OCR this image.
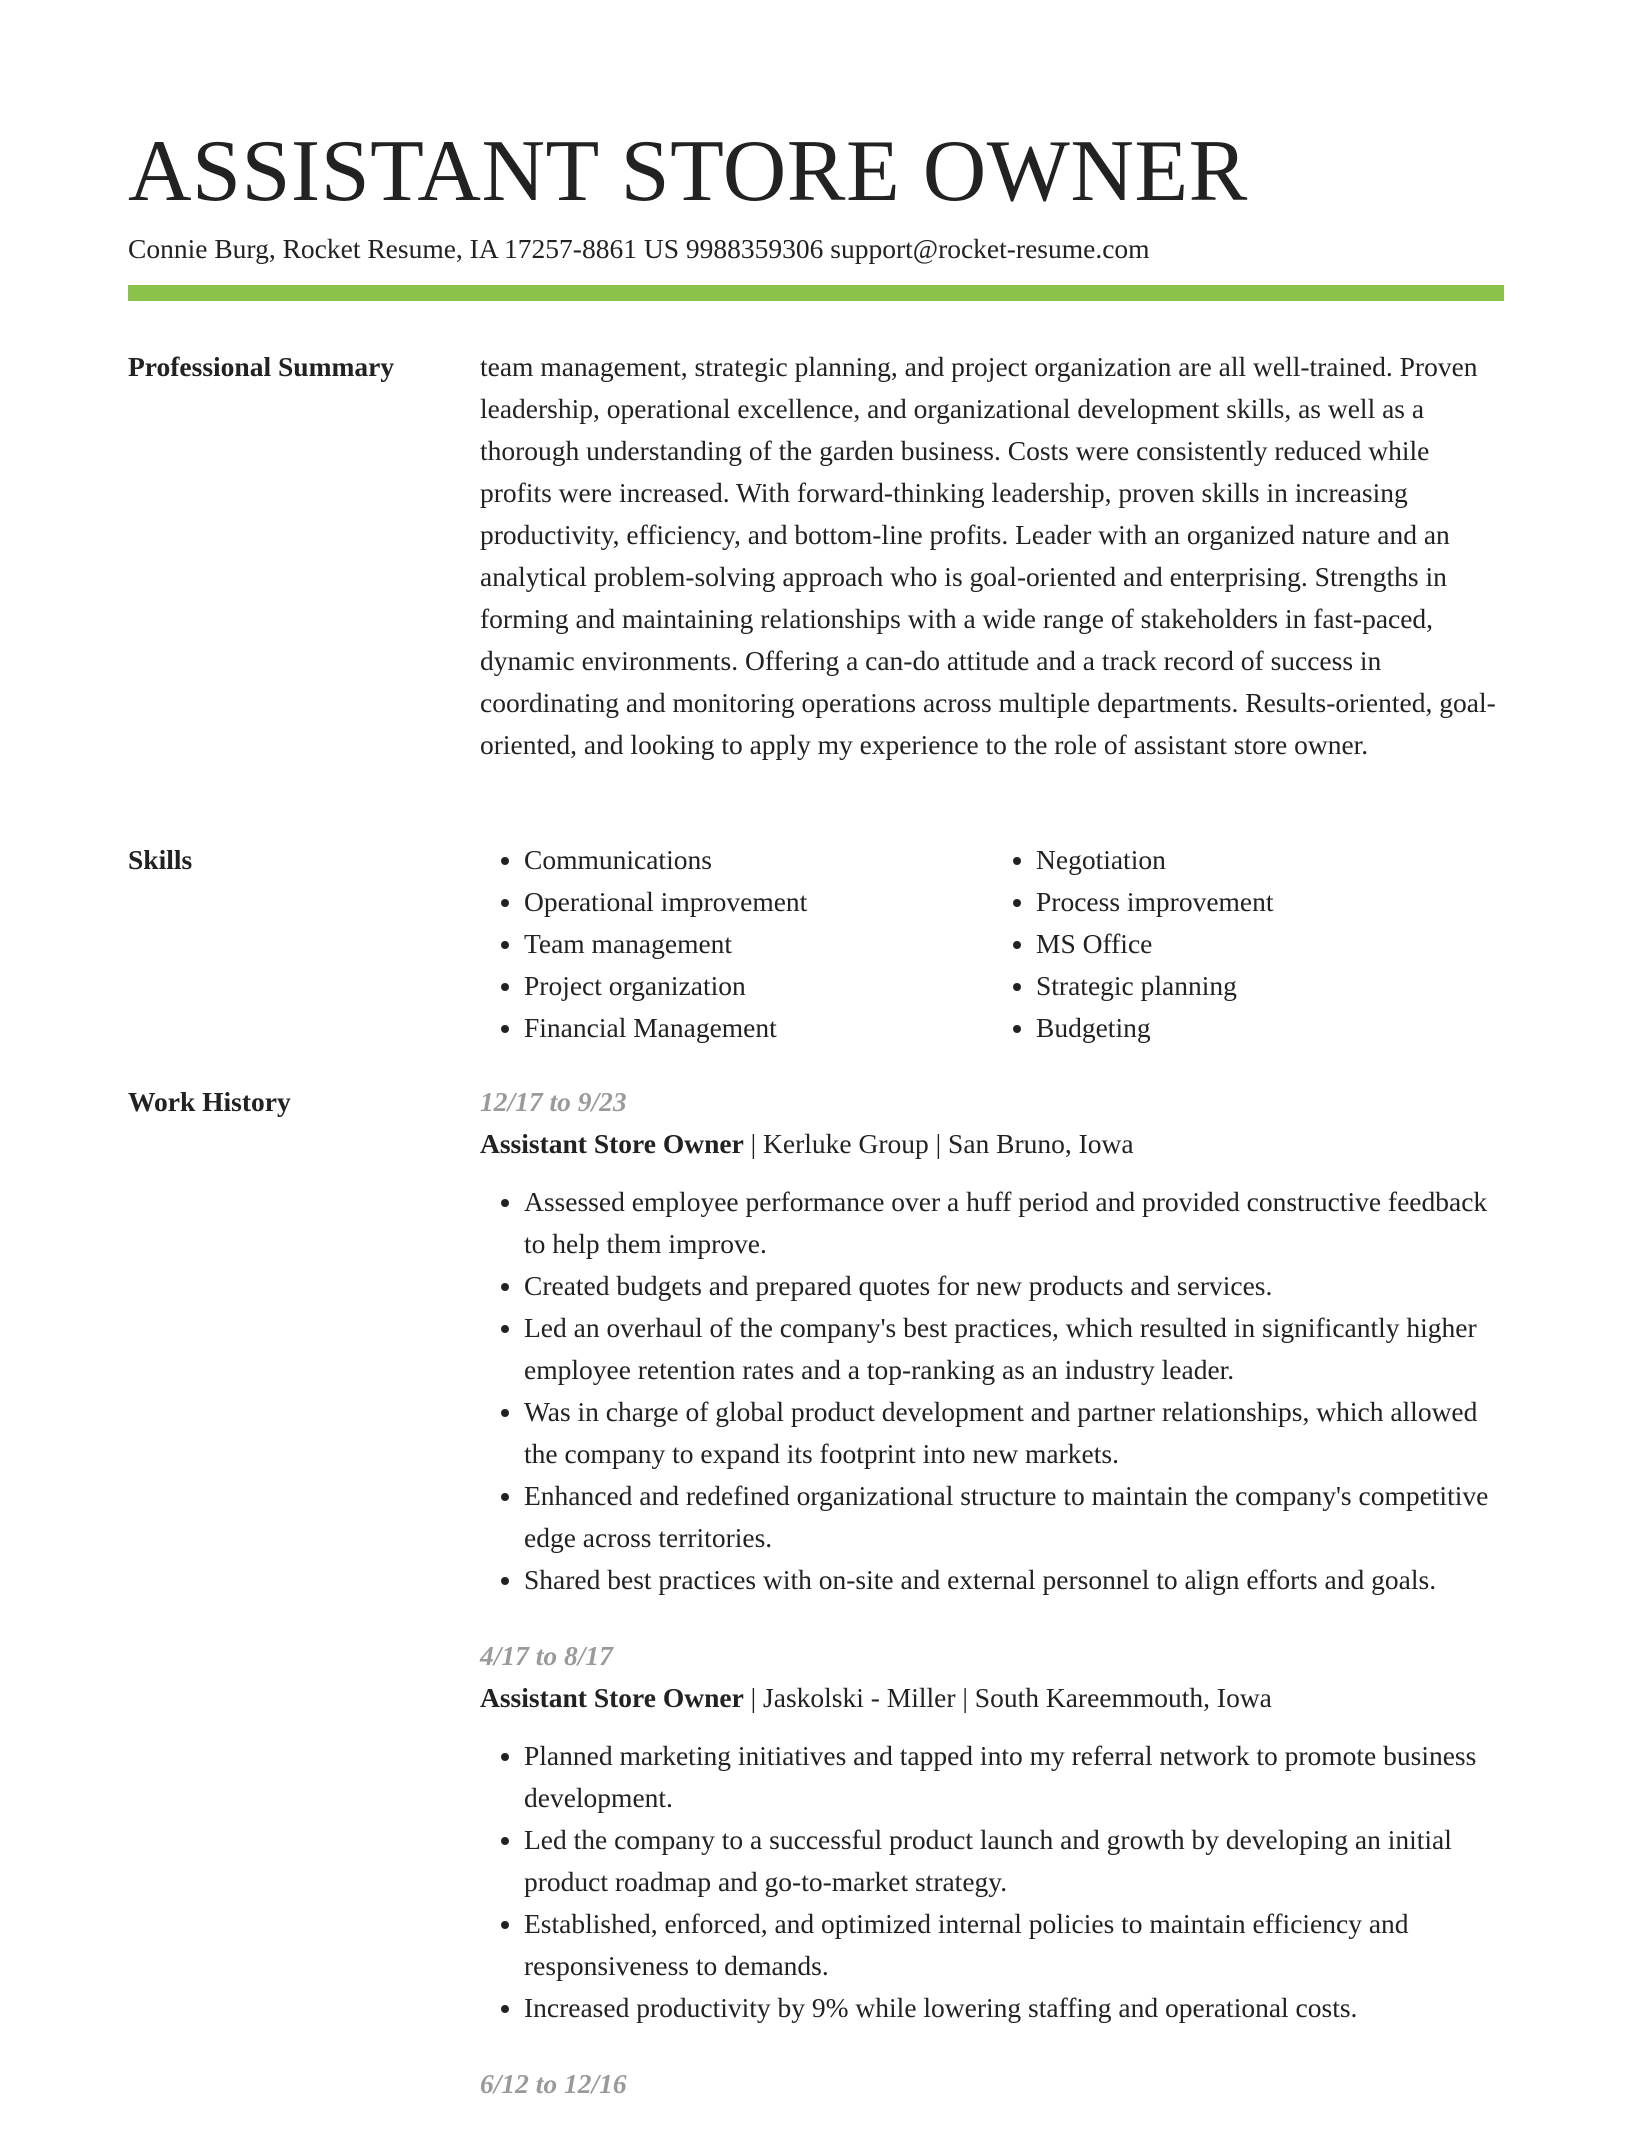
ASSISTANT STORE OWNER
Connie Burg, Rocket Resume, IA 17257-8861 US 9988359306 support@rocket-resume.com
Professional Summary	team management, strategic planning, and project organization are all well-trained. Proven leadership, operational excellence, and organizational development skills, as well as a thorough understanding of the garden business. Costs were consistently reduced while profits were increased. With forward-thinking leadership, proven skills in increasing productivity, efficiency, and bottom-line profits. Leader with an organized nature and an analytical problem-solving approach who is goal-oriented and enterprising. Strengths in forming and maintaining relationships with a wide range of stakeholders in fast-paced, dynamic environments. Offering a can-do attitude and a track record of success in coordinating and monitoring operations across multiple departments. Results-oriented, goal-oriented, and looking to apply my experience to the role of assistant store owner.

Skills
•	Communications
• Operational improvement
• Team management
• Project organization
• Financial Management
• Negotiation
• Process improvement
• MS Office
• Strategic planning
• Budgeting
Work History	12/17 to 9/23
Assistant Store Owner | Kerluke Group | San Bruno, Iowa
• Assessed employee performance over a huff period and provided constructive feedback to help them improve.
• Created budgets and prepared quotes for new products and services.
• Led an overhaul of the company's best practices, which resulted in significantly higher employee retention rates and a top-ranking as an industry leader.
• Was in charge of global product development and partner relationships, which allowed the company to expand its footprint into new markets.
• Enhanced and redefined organizational structure to maintain the company's competitive edge across territories.
• Shared best practices with on-site and external personnel to align efforts and goals.
4/17 to 8/17
Assistant Store Owner | Jaskolski - Miller | South Kareemmouth, Iowa
• Planned marketing initiatives and tapped into my referral network to promote business development.
• Led the company to a successful product launch and growth by developing an initial product roadmap and go-to-market strategy.
• Established, enforced, and optimized internal policies to maintain efficiency and responsiveness to demands.
• Increased productivity by 9% while lowering staffing and operational costs.
6/12 to 12/16
